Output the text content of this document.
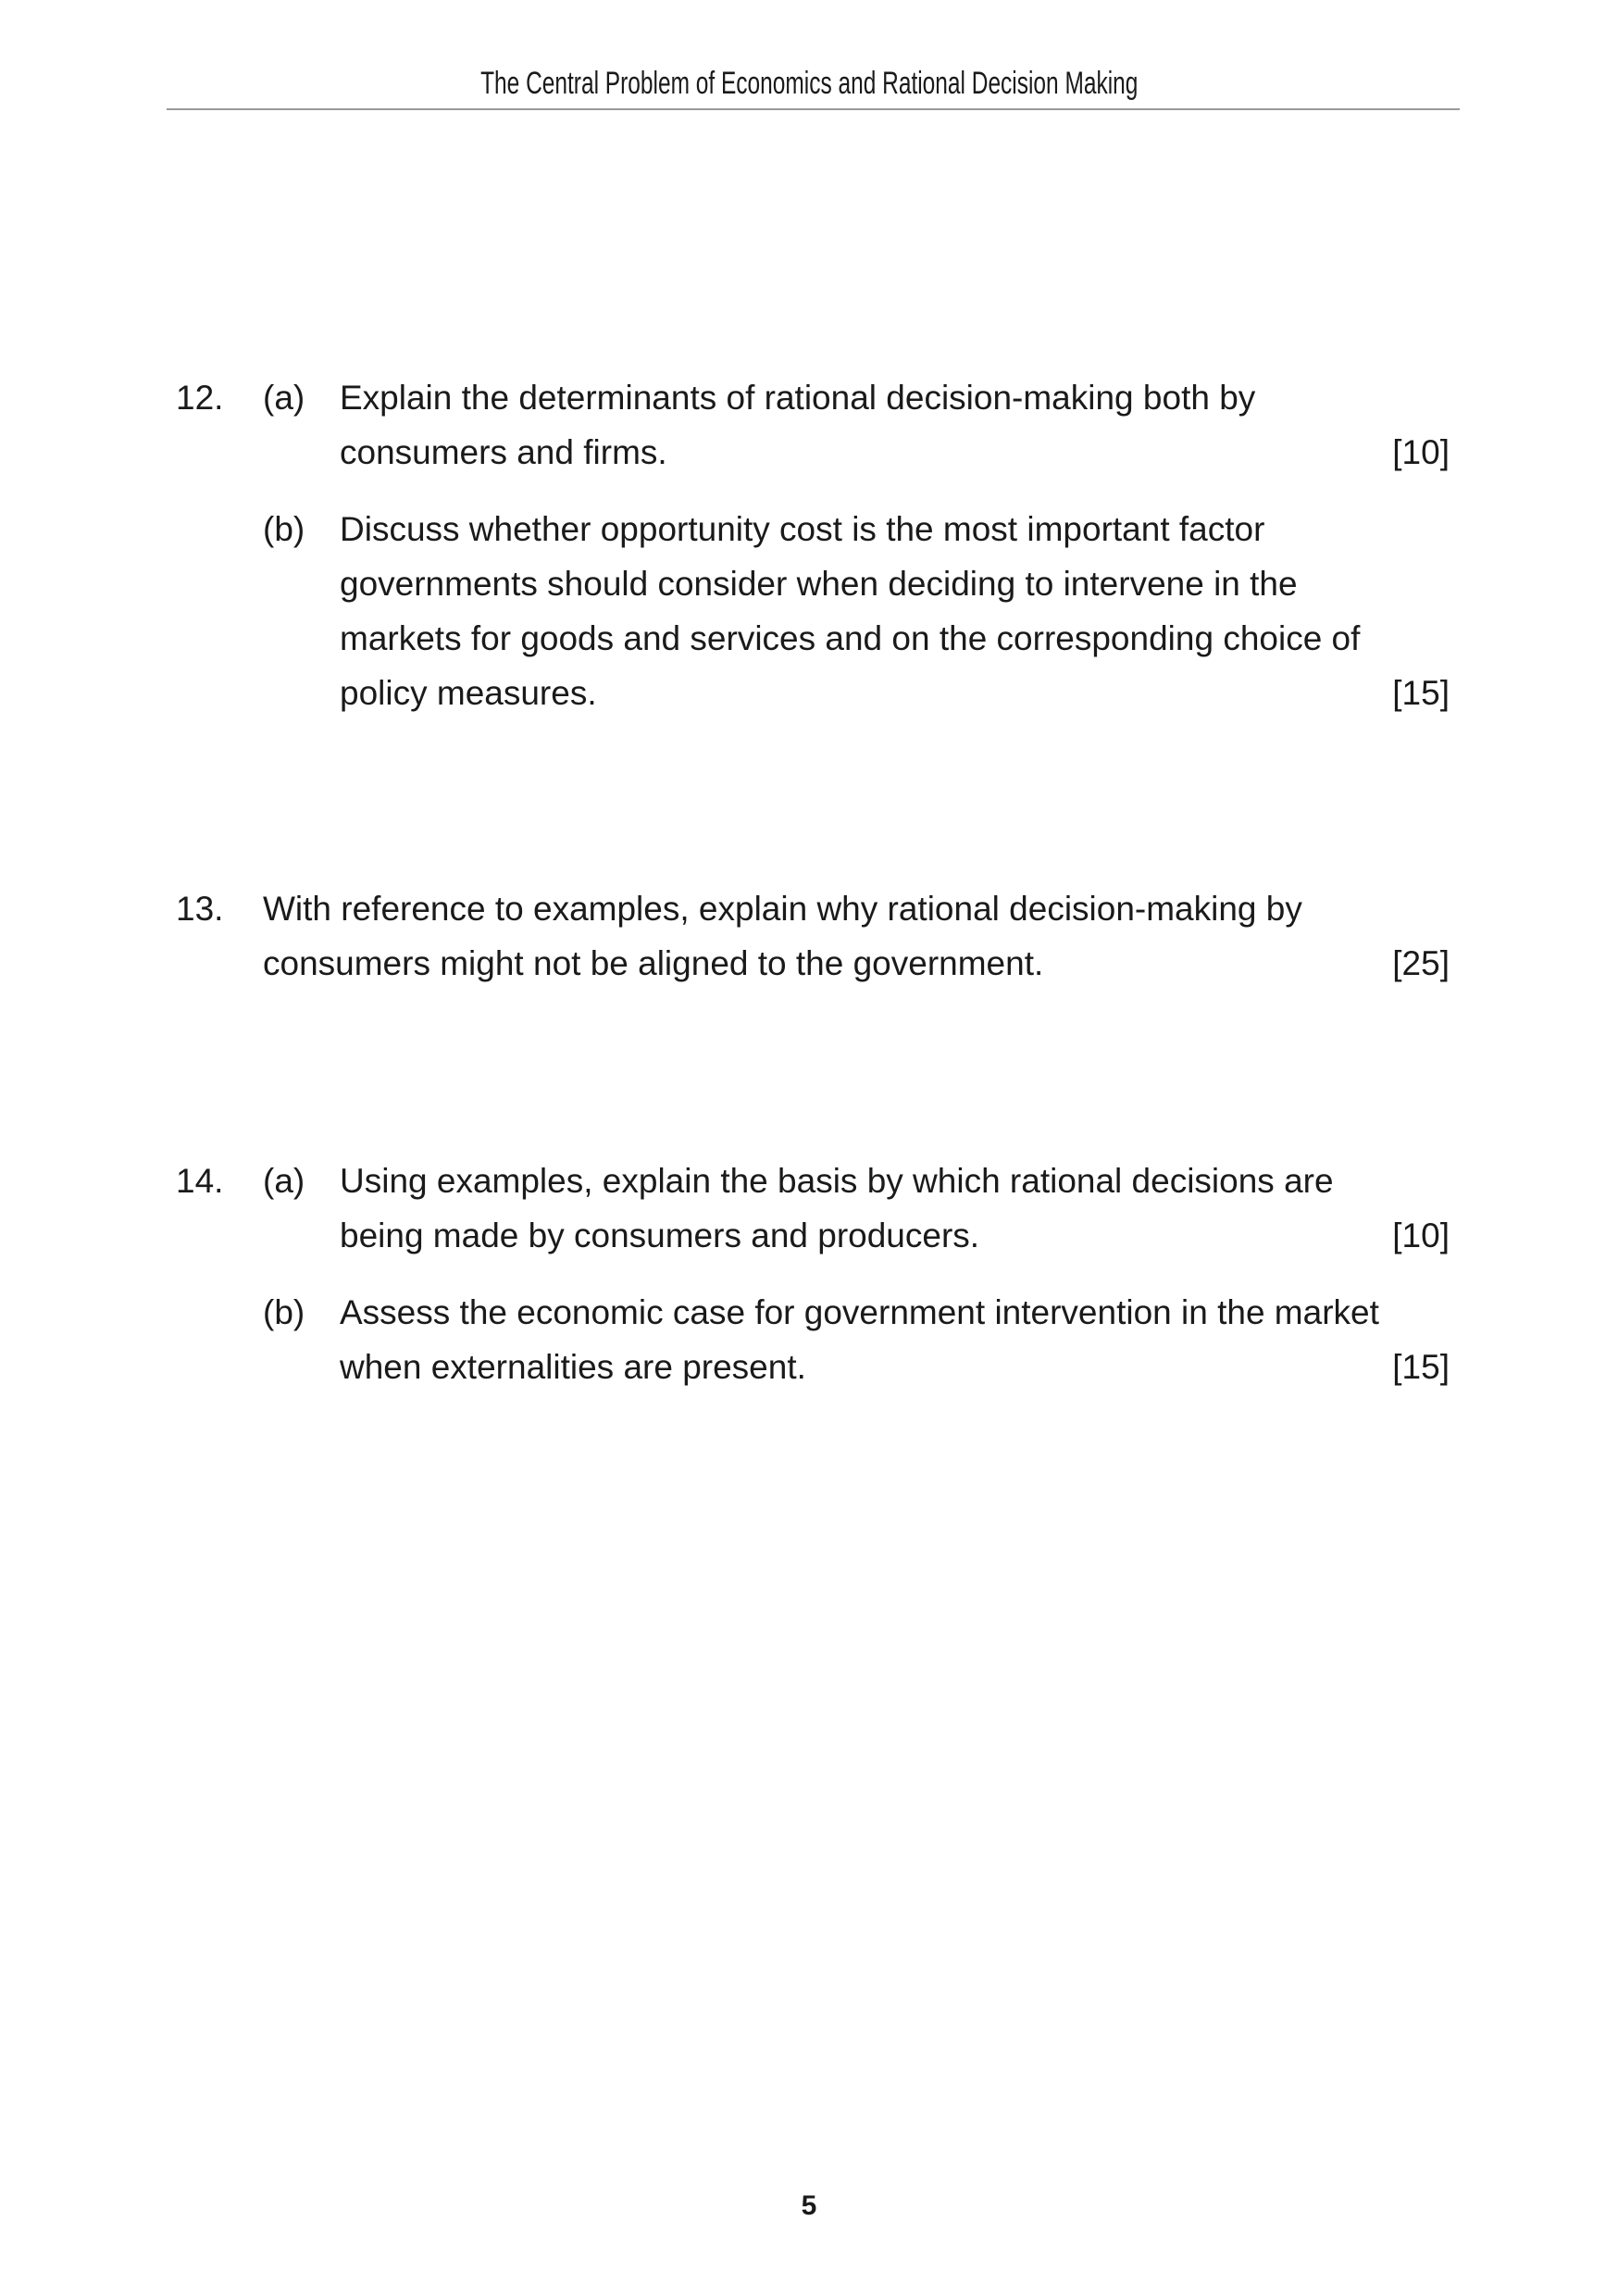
The Central Problem of Economics and Rational Decision Making
12. (a) Explain the determinants of rational decision-making both by consumers and firms.	[10]
(b) Discuss whether opportunity cost is the most important factor governments should consider when deciding to intervene in the markets for goods and services and on the corresponding choice of policy measures.	[15]
13. With reference to examples, explain why rational decision-making by consumers might not be aligned to the government.	[25]
14. (a) Using examples, explain the basis by which rational decisions are being made by consumers and producers.	[10]
(b) Assess the economic case for government intervention in the market when externalities are present.	[15]
5
